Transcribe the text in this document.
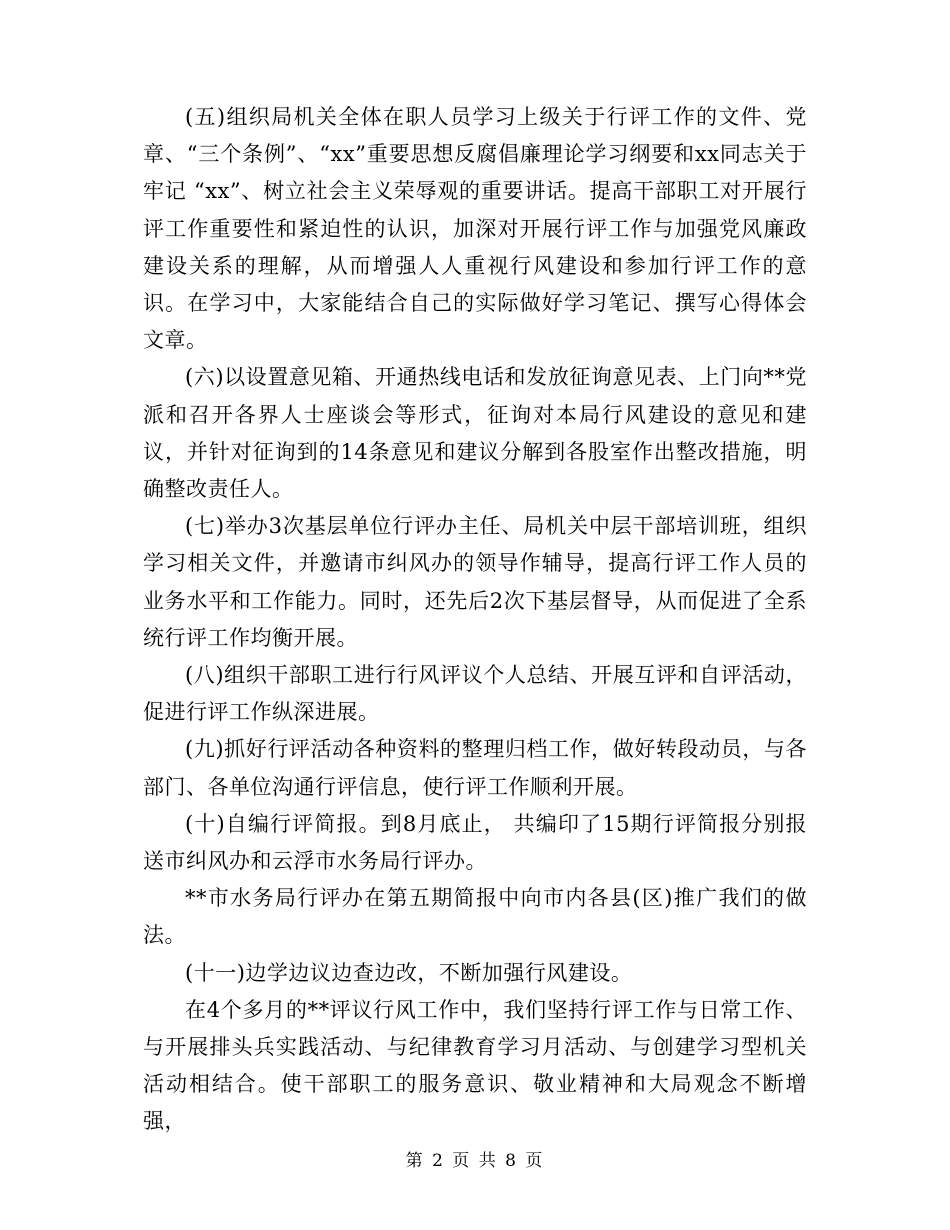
(五)组织局机关全体在职人员学习上级关于行评工作的文件、党章、“三个条例”、“xx”重要思想反腐倡廉理论学习纲要和xx同志关于牢记 “xx”、树立社会主义荣辱观的重要讲话。提高干部职工对开展行评工作重要性和紧迫性的认识，加深对开展行评工作与加强党风廉政建设关系的理解，从而增强人人重视行风建设和参加行评工作的意识。在学习中，大家能结合自己的实际做好学习笔记、撰写心得体会文章。

(六)以设置意见箱、开通热线电话和发放征询意见表、上门向**党派和召开各界人士座谈会等形式，征询对本局行风建设的意见和建议，并针对征询到的14条意见和建议分解到各股室作出整改措施，明确整改责任人。

(七)举办3次基层单位行评办主任、局机关中层干部培训班，组织学习相关文件，并邀请市纠风办的领导作辅导，提高行评工作人员的业务水平和工作能力。同时，还先后2次下基层督导，从而促进了全系统行评工作均衡开展。

(八)组织干部职工进行行风评议个人总结、开展互评和自评活动，促进行评工作纵深进展。

(九)抓好行评活动各种资料的整理归档工作，做好转段动员，与各部门、各单位沟通行评信息，使行评工作顺利开展。

(十)自编行评简报。到8月底止， 共编印了15期行评简报分别报送市纠风办和云浮市水务局行评办。

**市水务局行评办在第五期简报中向市内各县(区)推广我们的做法。

(十一)边学边议边查边改，不断加强行风建设。

在4个多月的**评议行风工作中，我们坚持行评工作与日常工作、与开展排头兵实践活动、与纪律教育学习月活动、与创建学习型机关活动相结合。使干部职工的服务意识、敬业精神和大局观念不断增强，

第 2 页 共 8 页
